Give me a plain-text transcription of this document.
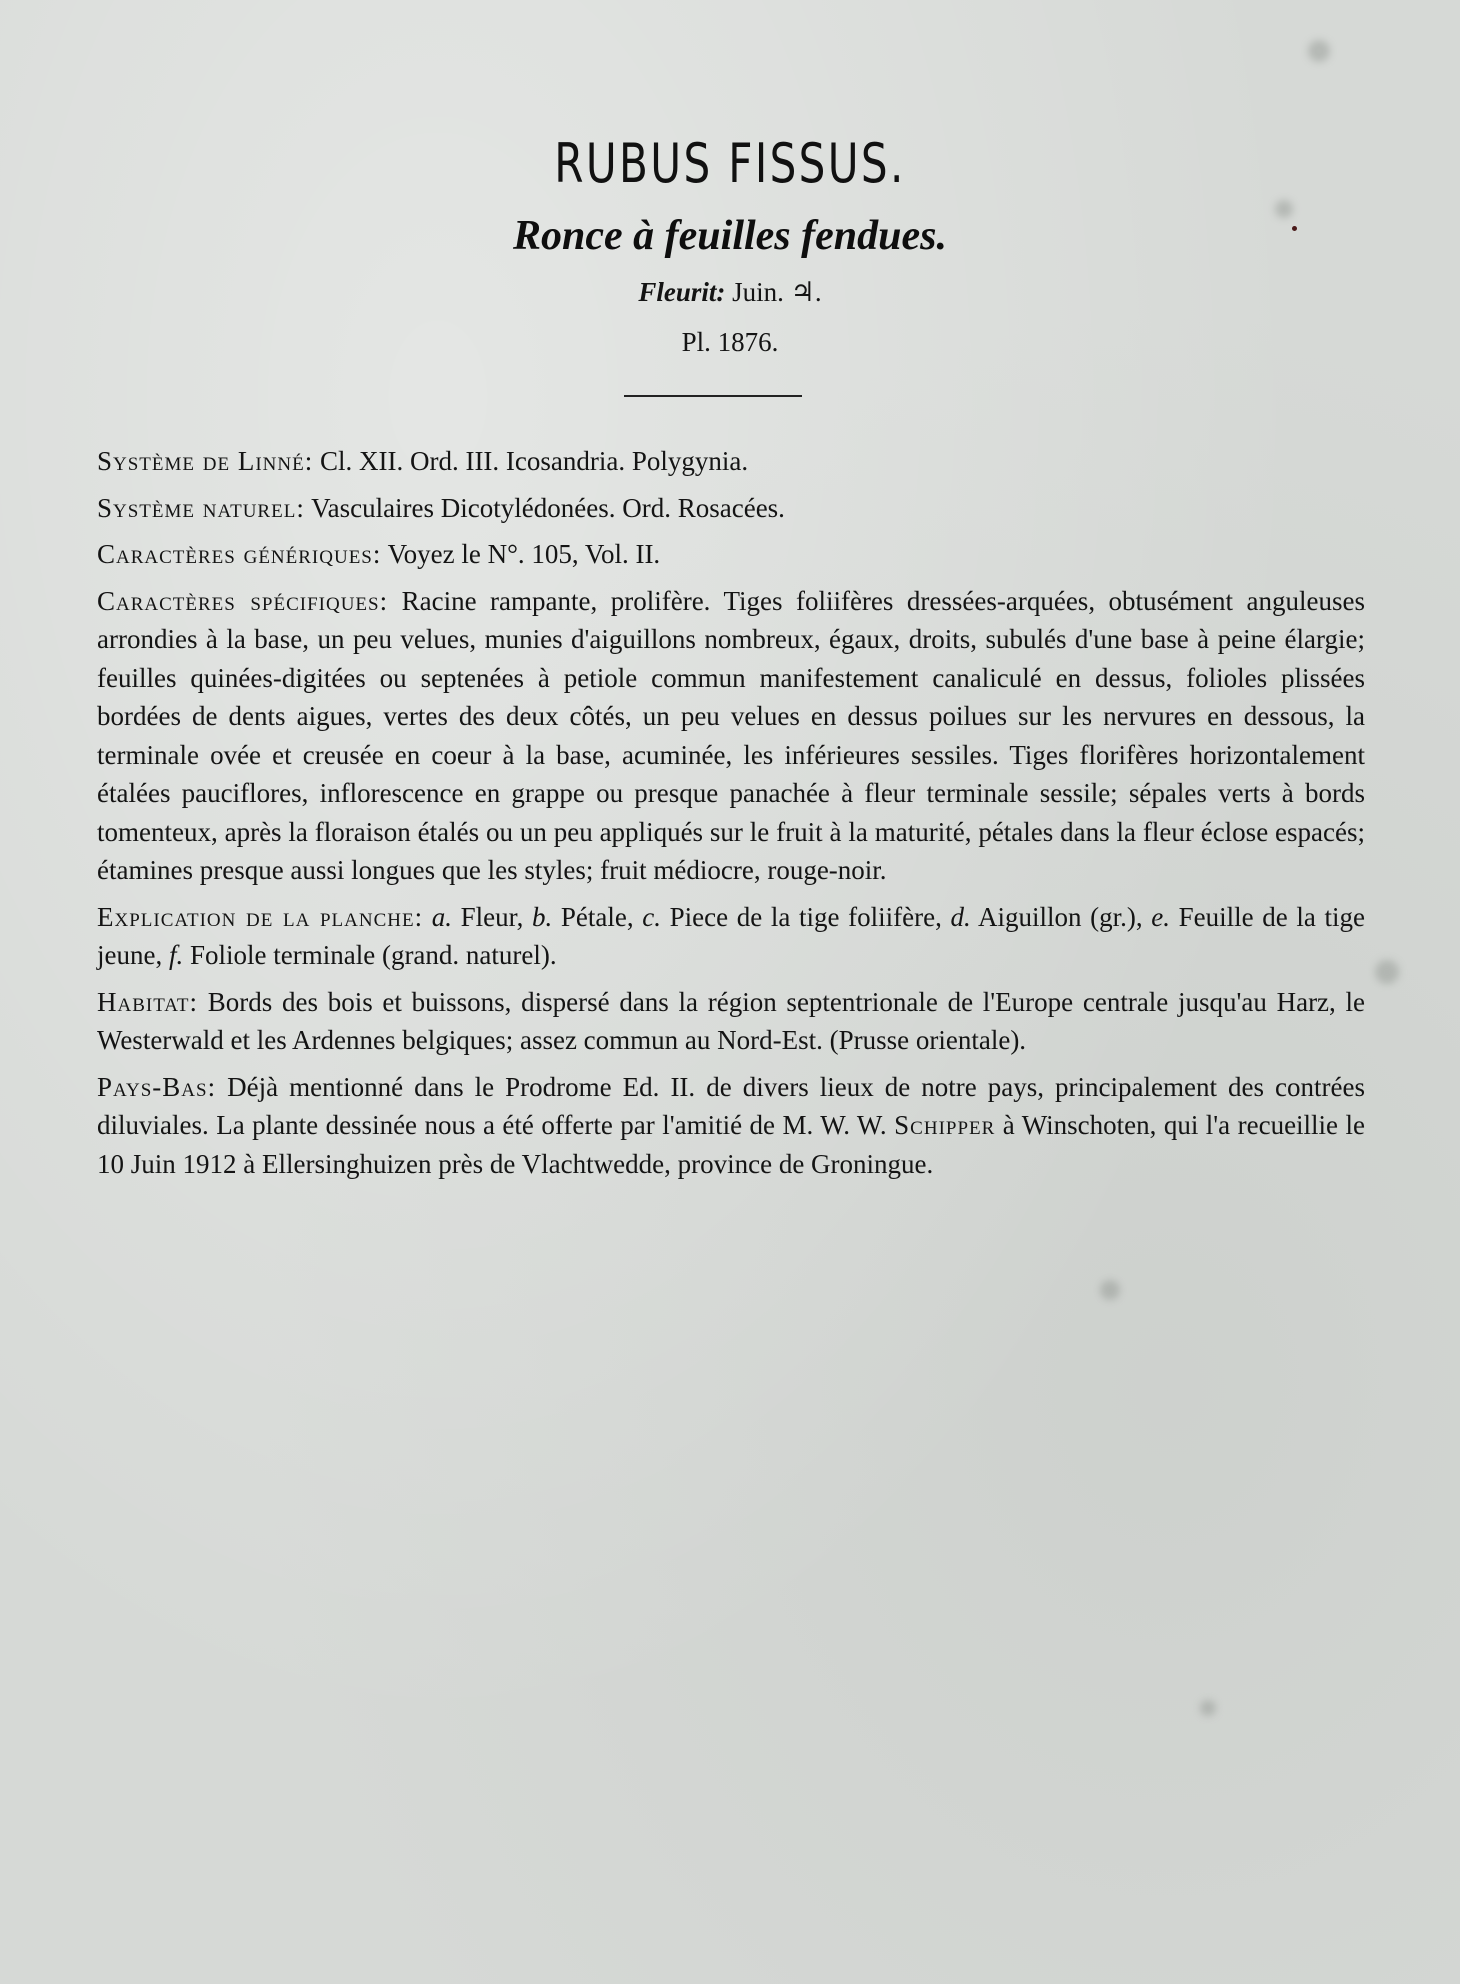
RUBUS FISSUS.
Ronce à feuilles fendues.
Fleurit: Juin. ♃.
Pl. 1876.

Système de Linné: Cl. XII. Ord. III. Icosandria. Polygynia.

Système naturel: Vasculaires Dicotylédonées. Ord. Rosacées.

Caractères génériques: Voyez le N°. 105, Vol. II.

Caractères spécifiques: Racine rampante, prolifère. Tiges foliifères dressées-arquées, obtusément anguleuses arrondies à la base, un peu velues, munies d'aiguillons nombreux, égaux, droits, subulés d'une base à peine élargie; feuilles quinées-digitées ou septenées à petiole commun manifestement canaliculé en dessus, folioles plissées bordées de dents aigues, vertes des deux côtés, un peu velues en dessus poilues sur les nervures en dessous, la terminale ovée et creusée en coeur à la base, acuminée, les inférieures sessiles. Tiges florifères horizontalement étalées pauciflores, inflorescence en grappe ou presque panachée à fleur terminale sessile; sépales verts à bords tomenteux, après la floraison étalés ou un peu appliqués sur le fruit à la maturité, pétales dans la fleur éclose espacés; étamines presque aussi longues que les styles; fruit médiocre, rouge-noir.

Explication de la planche: a. Fleur, b. Pétale, c. Piece de la tige foliifère, d. Aiguillon (gr.), e. Feuille de la tige jeune, f. Foliole terminale (grand. naturel).

Habitat: Bords des bois et buissons, dispersé dans la région septentrionale de l'Europe centrale jusqu'au Harz, le Westerwald et les Ardennes belgiques; assez commun au Nord-Est. (Prusse orientale).

Pays-Bas: Déjà mentionné dans le Prodrome Ed. II. de divers lieux de notre pays, principalement des contrées diluviales. La plante dessinée nous a été offerte par l'amitié de M. W. W. Schipper à Winschoten, qui l'a recueillie le 10 Juin 1912 à Ellersinghuizen près de Vlachtwedde, province de Groningue.
